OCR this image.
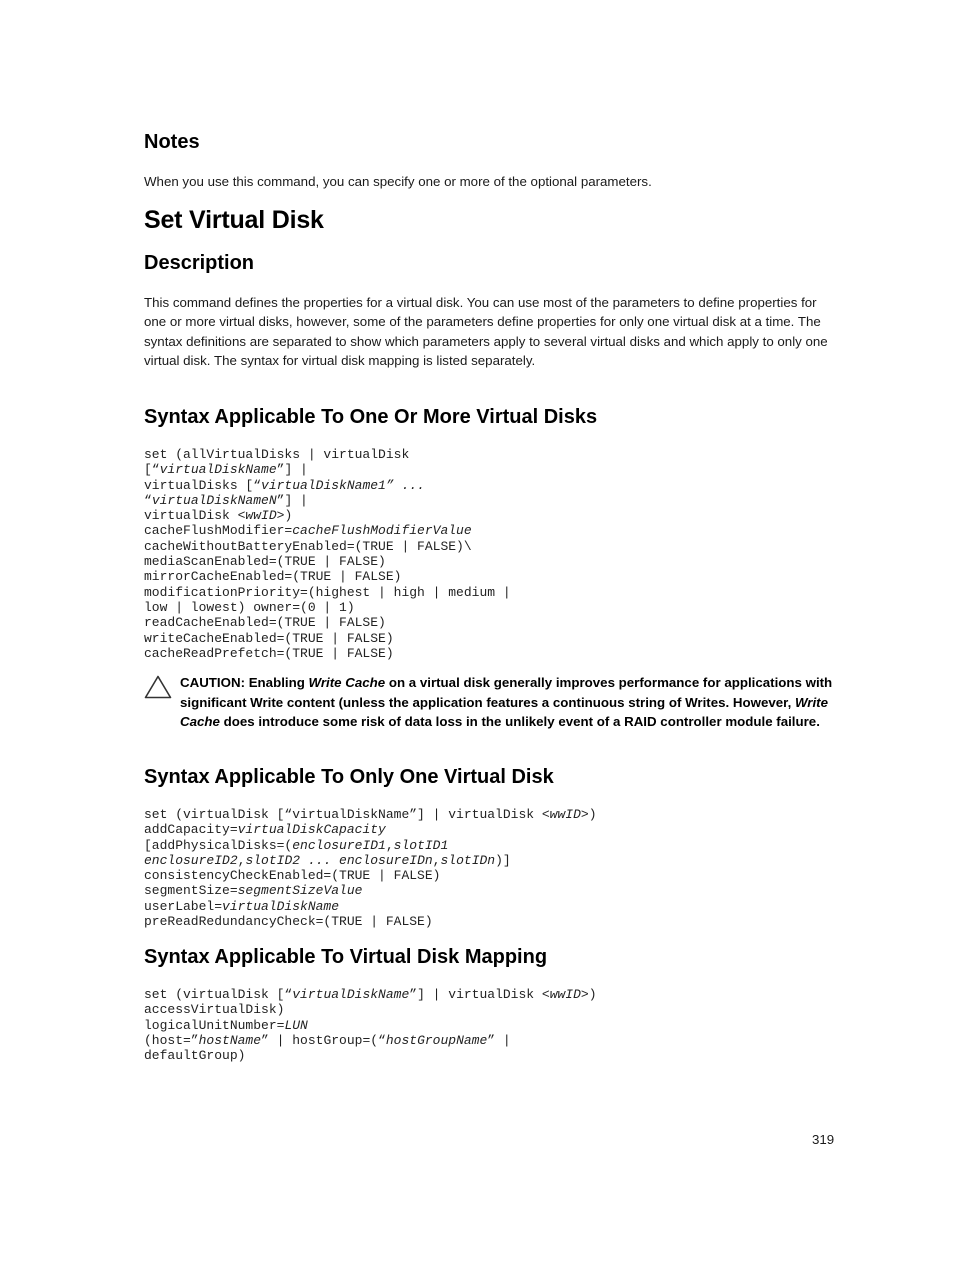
Notes

When you use this command, you can specify one or more of the optional parameters.

Set Virtual Disk
Description

This command defines the properties for a virtual disk. You can use most of the parameters to define properties for one or more virtual disks, however, some of the parameters define properties for only one virtual disk at a time. The syntax definitions are separated to show which parameters apply to several virtual disks and which apply to only one virtual disk. The syntax for virtual disk mapping is listed separately.

Syntax Applicable To One Or More Virtual Disks
set (allVirtualDisks | virtualDisk
[“virtualDiskName”] |
virtualDisks [“virtualDiskName1” ...
“virtualDiskNameN”] |
virtualDisk <wwID>)
cacheFlushModifier=cacheFlushModifierValue
cacheWithoutBatteryEnabled=(TRUE | FALSE)\
mediaScanEnabled=(TRUE | FALSE)
mirrorCacheEnabled=(TRUE | FALSE)
modificationPriority=(highest | high | medium |
low | lowest) owner=(0 | 1)
readCacheEnabled=(TRUE | FALSE)
writeCacheEnabled=(TRUE | FALSE)
cacheReadPrefetch=(TRUE | FALSE)
CAUTION: Enabling Write Cache on a virtual disk generally improves performance for applications with significant Write content (unless the application features a continuous string of Writes. However, Write Cache does introduce some risk of data loss in the unlikely event of a RAID controller module failure.
Syntax Applicable To Only One Virtual Disk
set (virtualDisk [“virtualDiskName”] | virtualDisk <wwID>)
addCapacity=virtualDiskCapacity
[addPhysicalDisks=(enclosureID1,slotID1
enclosureID2,slotID2 ... enclosureIDn,slotIDn)]
consistencyCheckEnabled=(TRUE | FALSE)
segmentSize=segmentSizeValue
userLabel=virtualDiskName
preReadRedundancyCheck=(TRUE | FALSE)
Syntax Applicable To Virtual Disk Mapping
set (virtualDisk [“virtualDiskName”] | virtualDisk <wwID>)
accessVirtualDisk)
logicalUnitNumber=LUN
(host=”hostName” | hostGroup=(“hostGroupName” |
defaultGroup)
319
